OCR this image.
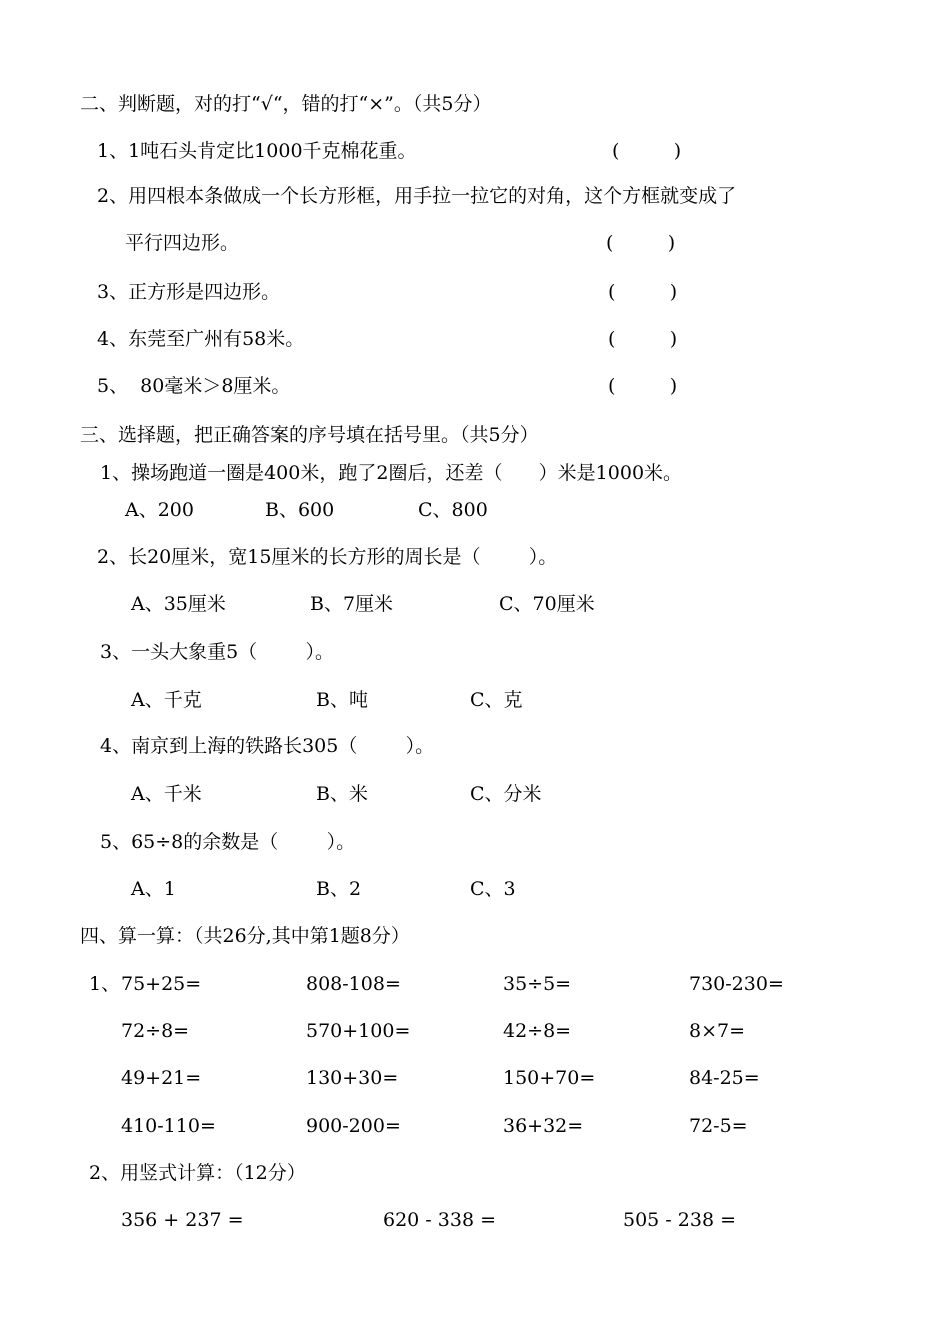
二、判断题，对的打“√“，错的打“×”。（共5分）
1、1吨石头肯定比1000千克棉花重。	(         )
2、用四根本条做成一个长方形框，用手拉一拉它的对角，这个方框就变成了
平行四边形。	(         )
3、正方形是四边形。	(         )
4、东莞至广州有58米。	(         )
5、  80毫米＞8厘米。	(         )
三、选择题，把正确答案的序号填在括号里。（共5分）
1、操场跑道一圈是400米，跑了2圈后，还差（      ）米是1000米。
A、200	B、600	C、800
2、长20厘米，宽15厘米的长方形的周长是（        ）。
A、35厘米	B、7厘米	C、70厘米
3、一头大象重5（        ）。
A、千克	B、吨	C、克
4、南京到上海的铁路长305（        ）。
A、千米	B、米	C、分米
5、65÷8的余数是（        ）。
A、1	B、2	C、3
四、算一算：（共26分,其中第1题8分）
1、 75+25=	808-108=	35÷5=	730-230=
72÷8=	570+100=	42÷8=	8×7=
49+21=	130+30=	150+70=	84-25=
410-110=	900-200=	36+32=	72-5=
2、用竖式计算：（12分）
356 + 237 =	620 - 338 =	505 - 238 =
